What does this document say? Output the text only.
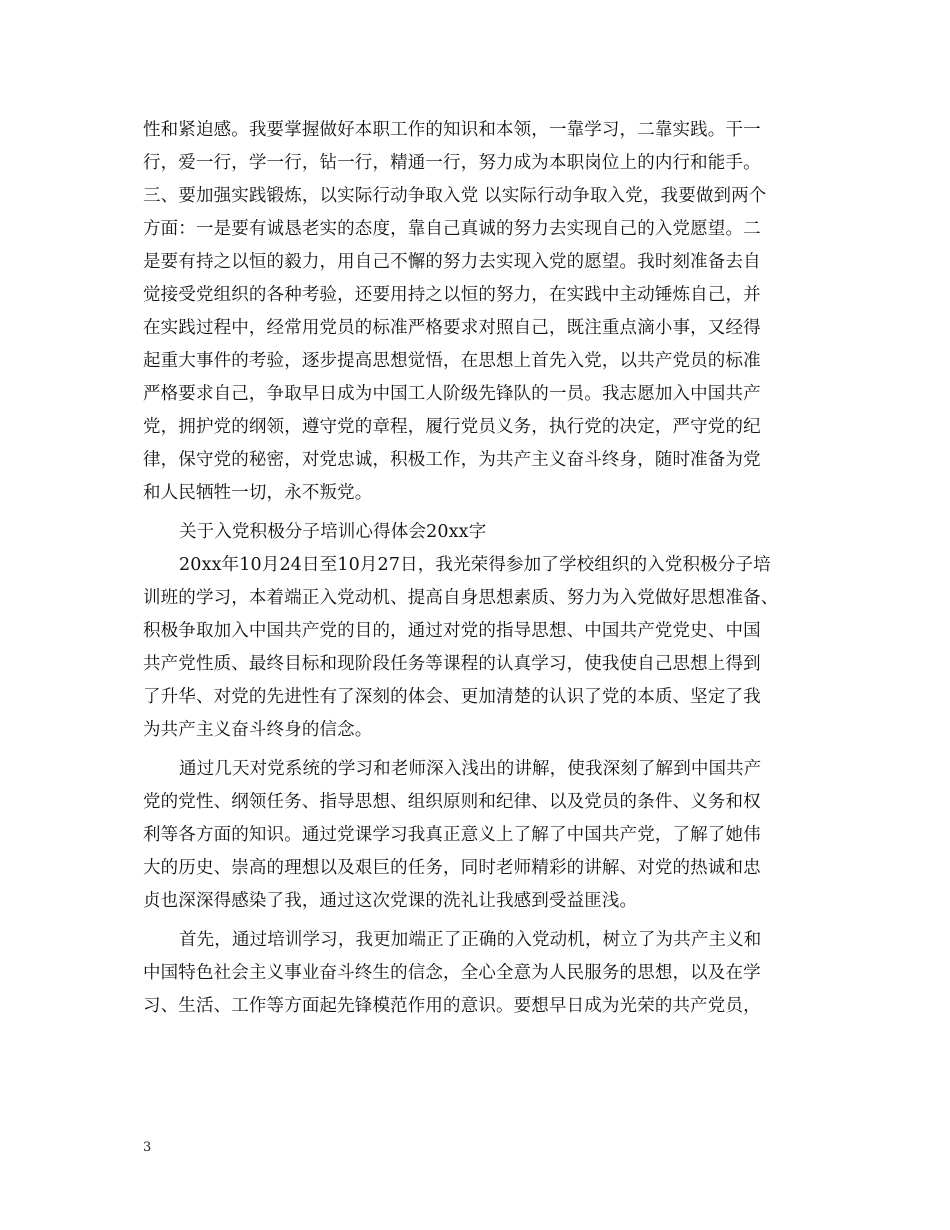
性和紧迫感。我要掌握做好本职工作的知识和本领，一靠学习，二靠实践。干一
行，爱一行，学一行，钻一行，精通一行，努力成为本职岗位上的内行和能手。
三、要加强实践锻炼，以实际行动争取入党 以实际行动争取入党，我要做到两个
方面：一是要有诚恳老实的态度，靠自己真诚的努力去实现自己的入党愿望。二
是要有持之以恒的毅力，用自己不懈的努力去实现入党的愿望。我时刻准备去自
觉接受党组织的各种考验，还要用持之以恒的努力，在实践中主动锤炼自己，并
在实践过程中，经常用党员的标准严格要求对照自己，既注重点滴小事，又经得
起重大事件的考验，逐步提高思想觉悟，在思想上首先入党，以共产党员的标准
严格要求自己，争取早日成为中国工人阶级先锋队的一员。我志愿加入中国共产
党，拥护党的纲领，遵守党的章程，履行党员义务，执行党的决定，严守党的纪
律，保守党的秘密，对党忠诚，积极工作，为共产主义奋斗终身，随时准备为党
和人民牺牲一切，永不叛党。
关于入党积极分子培训心得体会20xx字
20xx年10月24日至10月27日，我光荣得参加了学校组织的入党积极分子培
训班的学习，本着端正入党动机、提高自身思想素质、努力为入党做好思想准备、
积极争取加入中国共产党的目的，通过对党的指导思想、中国共产党党史、中国
共产党性质、最终目标和现阶段任务等课程的认真学习，使我使自己思想上得到
了升华、对党的先进性有了深刻的体会、更加清楚的认识了党的本质、坚定了我
为共产主义奋斗终身的信念。
通过几天对党系统的学习和老师深入浅出的讲解，使我深刻了解到中国共产
党的党性、纲领任务、指导思想、组织原则和纪律、以及党员的条件、义务和权
利等各方面的知识。通过党课学习我真正意义上了解了中国共产党，了解了她伟
大的历史、崇高的理想以及艰巨的任务，同时老师精彩的讲解、对党的热诚和忠
贞也深深得感染了我，通过这次党课的洗礼让我感到受益匪浅。
首先，通过培训学习，我更加端正了正确的入党动机，树立了为共产主义和
中国特色社会主义事业奋斗终生的信念，全心全意为人民服务的思想，以及在学
习、生活、工作等方面起先锋模范作用的意识。要想早日成为光荣的共产党员，
3
